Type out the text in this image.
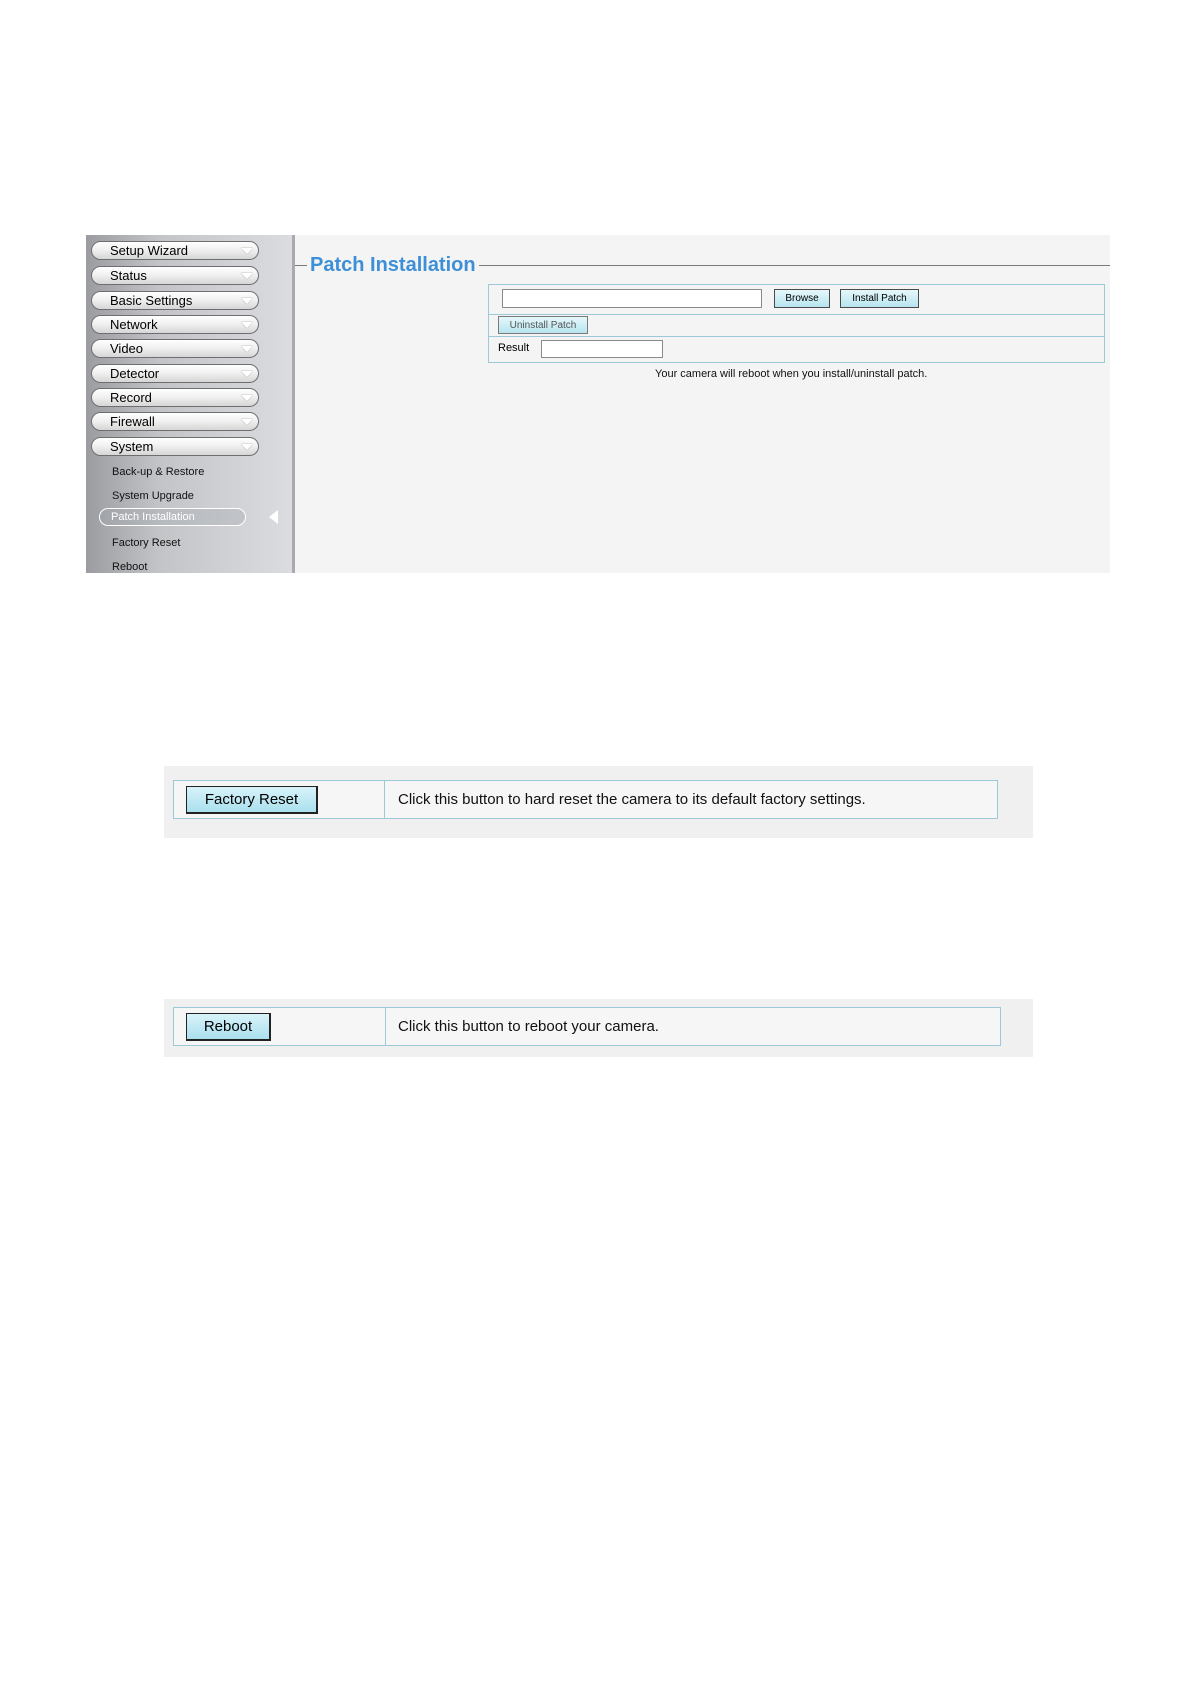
Setup Wizard
Status
Basic Settings
Network
Video
Detector
Record
Firewall
System
Back-up & Restore
System Upgrade
Patch Installation
Factory Reset
Reboot
Patch Installation
Browse	Install Patch
Uninstall Patch
Result
Your camera will reboot when you install/uninstall patch.
Factory Reset	Click this button to hard reset the camera to its default factory settings.
Reboot	Click this button to reboot your camera.
